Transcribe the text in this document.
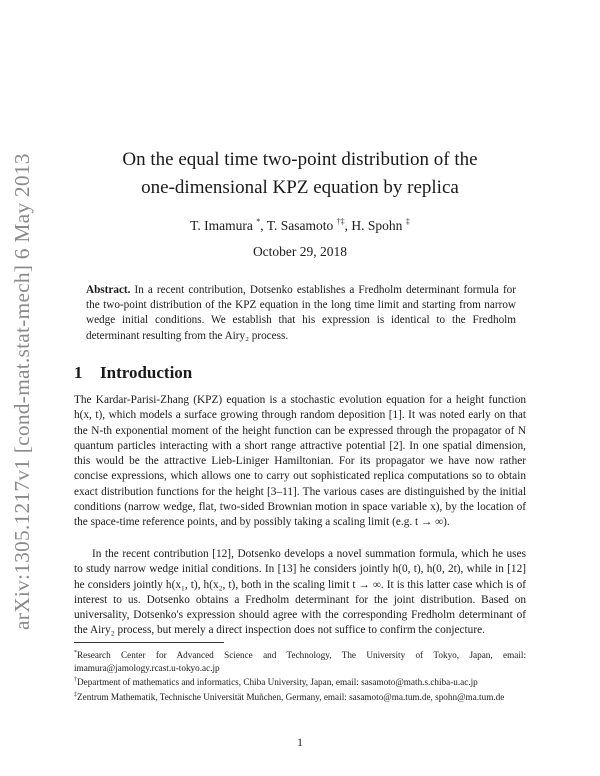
arXiv:1305.1217v1 [cond-mat.stat-mech] 6 May 2013	On the equal time two-point distribution of the
one-dimensional KPZ equation by replica
T. Imamura *, T. Sasamoto †‡, H. Spohn ‡
October 29, 2018
Abstract. In a recent contribution, Dotsenko establishes a Fredholm determinant formula for the two-point distribution of the KPZ equation in the long time limit and starting from narrow wedge initial conditions. We establish that his expression is identical to the Fredholm determinant resulting from the Airy₂ process.
1 Introduction
The Kardar-Parisi-Zhang (KPZ) equation is a stochastic evolution equation for a height function h(x, t), which models a surface growing through random deposition [1]. It was noted early on that the N-th exponential moment of the height function can be expressed through the propagator of N quantum particles interacting with a short range attractive potential [2]. In one spatial dimension, this would be the attractive Lieb-Liniger Hamiltonian. For its propagator we have now rather concise expressions, which allows one to carry out sophisticated replica computations so to obtain exact distribution functions for the height [3–11]. The various cases are distinguished by the initial conditions (narrow wedge, flat, two-sided Brownian motion in space variable x), by the location of the space-time reference points, and by possibly taking a scaling limit (e.g. t → ∞).
In the recent contribution [12], Dotsenko develops a novel summation formula, which he uses to study narrow wedge initial conditions. In [13] he considers jointly h(0, t), h(0, 2t), while in [12] he considers jointly h(x₁, t), h(x₂, t), both in the scaling limit t → ∞. It is this latter case which is of interest to us. Dotsenko obtains a Fredholm determinant for the joint distribution. Based on universality, Dotsenko's expression should agree with the corresponding Fredholm determinant of the Airy₂ process, but merely a direct inspection does not suffice to confirm the conjecture.

*Research Center for Advanced Science and Technology, The University of Tokyo, Japan, email: imamura@jamology.rcast.u-tokyo.ac.jp

†Department of mathematics and informatics, Chiba University, Japan, email: sasamoto@math.s.chiba-u.ac.jp

‡Zentrum Mathematik, Technische Universität Muñchen, Germany, email: sasamoto@ma.tum.de, spohn@ma.tum.de

1
